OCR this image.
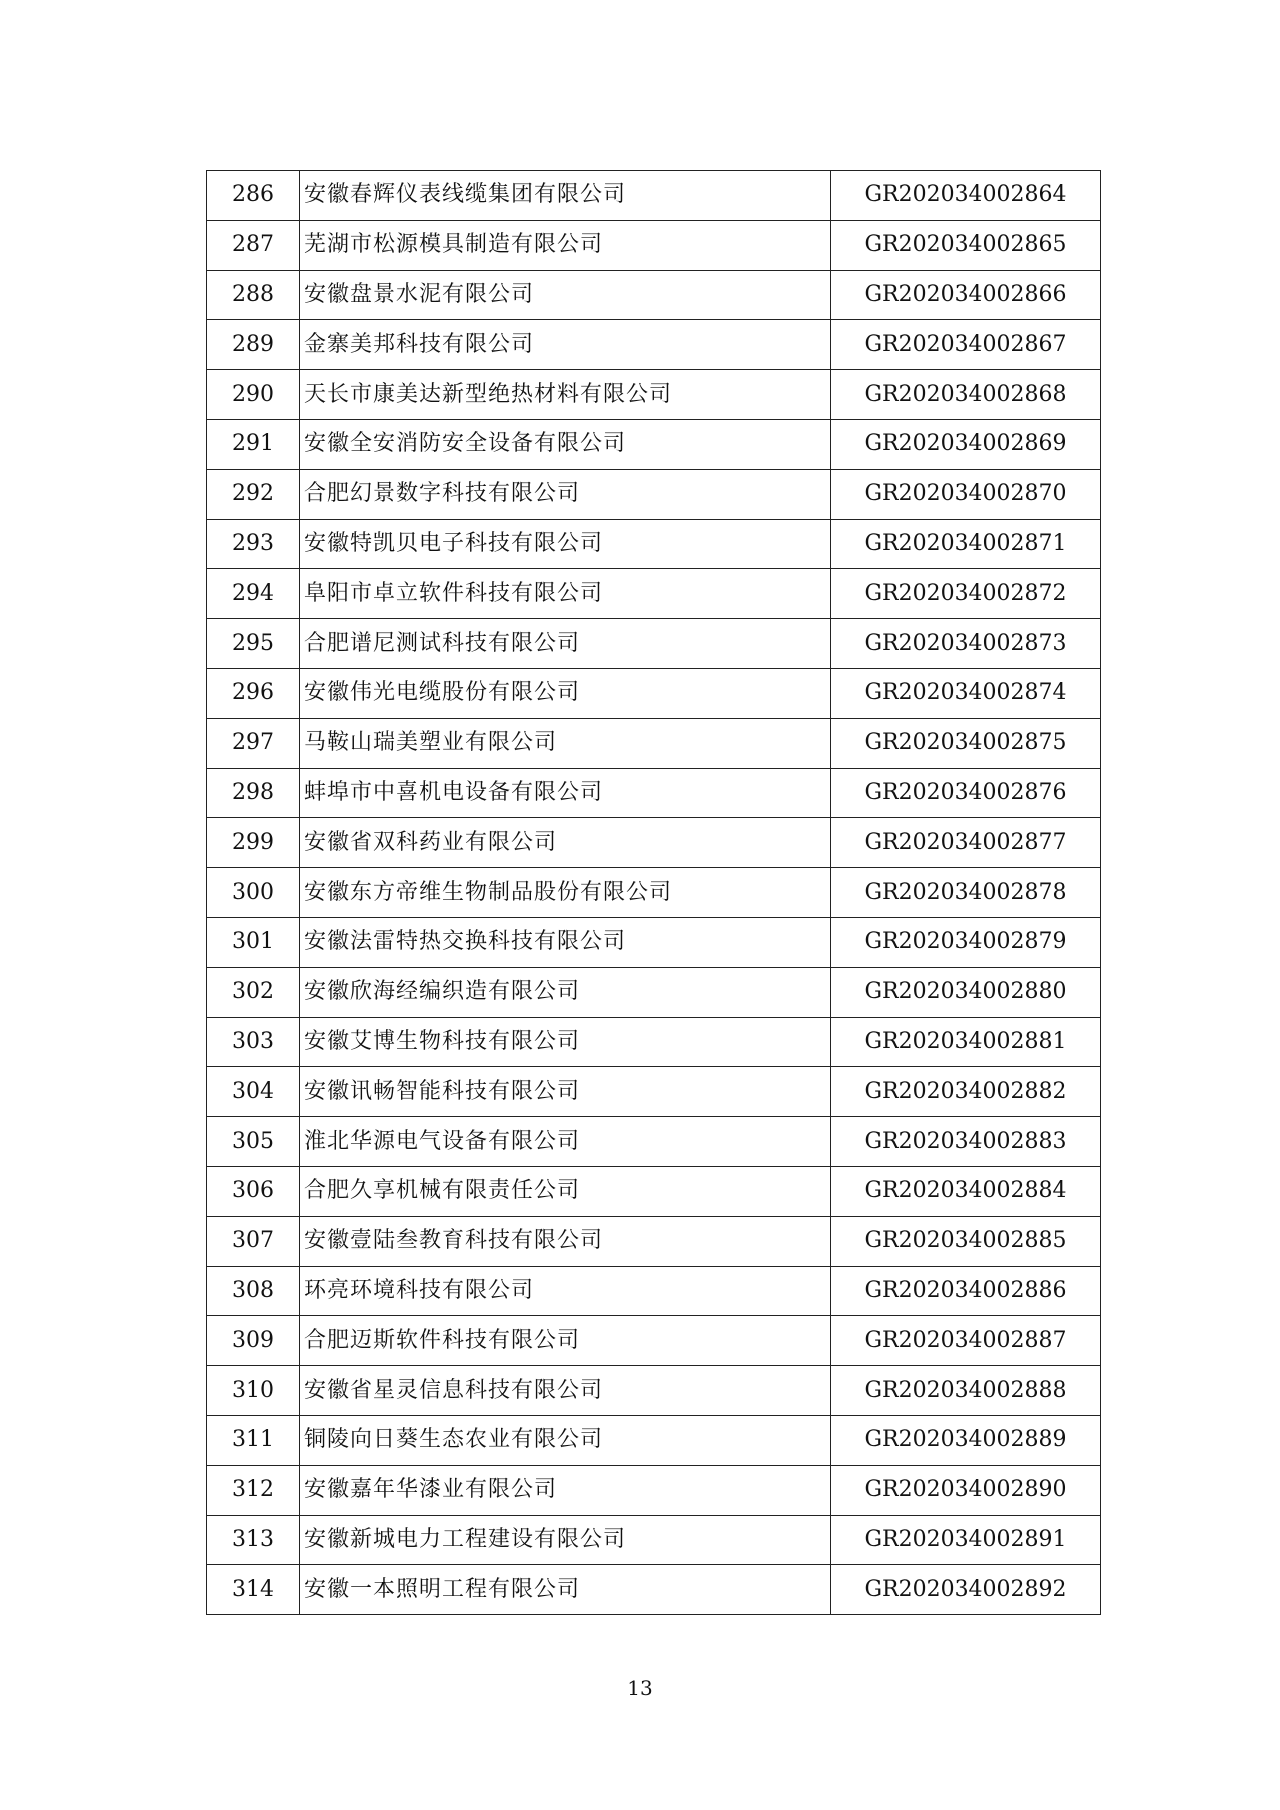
286	安徽春辉仪表线缆集团有限公司	GR202034002864
287	芜湖市松源模具制造有限公司	GR202034002865
288	安徽盘景水泥有限公司	GR202034002866
289	金寨美邦科技有限公司	GR202034002867
290	天长市康美达新型绝热材料有限公司	GR202034002868
291	安徽全安消防安全设备有限公司	GR202034002869
292	合肥幻景数字科技有限公司	GR202034002870
293	安徽特凯贝电子科技有限公司	GR202034002871
294	阜阳市卓立软件科技有限公司	GR202034002872
295	合肥谱尼测试科技有限公司	GR202034002873
296	安徽伟光电缆股份有限公司	GR202034002874
297	马鞍山瑞美塑业有限公司	GR202034002875
298	蚌埠市中喜机电设备有限公司	GR202034002876
299	安徽省双科药业有限公司	GR202034002877
300	安徽东方帝维生物制品股份有限公司	GR202034002878
301	安徽法雷特热交换科技有限公司	GR202034002879
302	安徽欣海经编织造有限公司	GR202034002880
303	安徽艾博生物科技有限公司	GR202034002881
304	安徽讯畅智能科技有限公司	GR202034002882
305	淮北华源电气设备有限公司	GR202034002883
306	合肥久享机械有限责任公司	GR202034002884
307	安徽壹陆叁教育科技有限公司	GR202034002885
308	环亮环境科技有限公司	GR202034002886
309	合肥迈斯软件科技有限公司	GR202034002887
310	安徽省星灵信息科技有限公司	GR202034002888
311	铜陵向日葵生态农业有限公司	GR202034002889
312	安徽嘉年华漆业有限公司	GR202034002890
313	安徽新城电力工程建设有限公司	GR202034002891
314	安徽一本照明工程有限公司	GR202034002892
13
